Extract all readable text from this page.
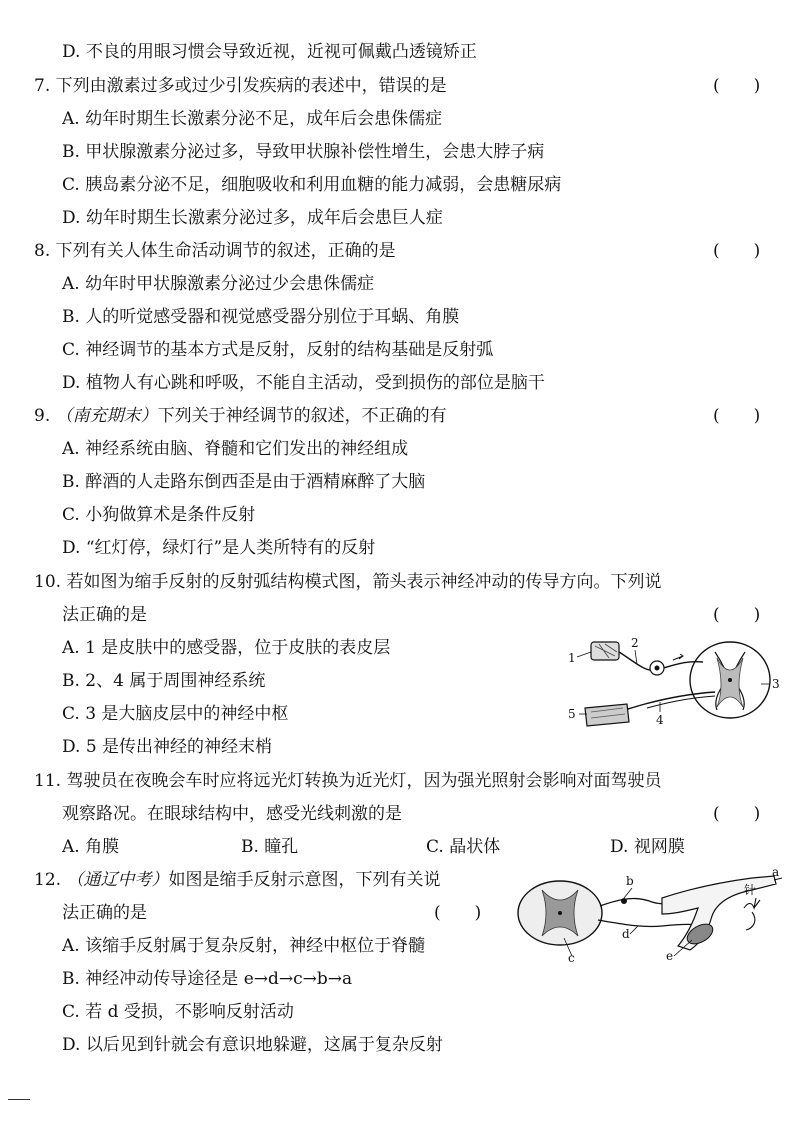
D. 不良的用眼习惯会导致近视，近视可佩戴凸透镜矫正
7. 下列由激素过多或过少引发疾病的表述中，错误的是	(　　)
A. 幼年时期生长激素分泌不足，成年后会患侏儒症
B. 甲状腺激素分泌过多，导致甲状腺补偿性增生，会患大脖子病
C. 胰岛素分泌不足，细胞吸收和利用血糖的能力减弱，会患糖尿病
D. 幼年时期生长激素分泌过多，成年后会患巨人症
8. 下列有关人体生命活动调节的叙述，正确的是	(　　)
A. 幼年时甲状腺激素分泌过少会患侏儒症
B. 人的听觉感受器和视觉感受器分别位于耳蜗、角膜
C. 神经调节的基本方式是反射，反射的结构基础是反射弧
D. 植物人有心跳和呼吸，不能自主活动，受到损伤的部位是脑干
9. （南充期末）下列关于神经调节的叙述，不正确的有	(　　)
A. 神经系统由脑、脊髓和它们发出的神经组成
B. 醉酒的人走路东倒西歪是由于酒精麻醉了大脑
C. 小狗做算术是条件反射
D. “红灯停，绿灯行”是人类所特有的反射
10. 若如图为缩手反射的反射弧结构模式图，箭头表示神经冲动的传导方向。下列说
法正确的是	(　　)
A. 1 是皮肤中的感受器，位于皮肤的表皮层
B. 2、4 属于周围神经系统
C. 3 是大脑皮层中的神经中枢
D. 5 是传出神经的神经末梢
1
2
3
4
5
11. 驾驶员在夜晚会车时应将远光灯转换为近光灯，因为强光照射会影响对面驾驶员
观察路况。在眼球结构中，感受光线刺激的是	(　　)
A. 角膜	B. 瞳孔	C. 晶状体	D. 视网膜
12. （通辽中考）如图是缩手反射示意图，下列有关说
法正确的是	(　　)
A. 该缩手反射属于复杂反射，神经中枢位于脊髓
B. 神经冲动传导途径是 e→d→c→b→a
C. 若 d 受损，不影响反射活动
D. 以后见到针就会有意识地躲避，这属于复杂反射
a
b
c
d
e
针
